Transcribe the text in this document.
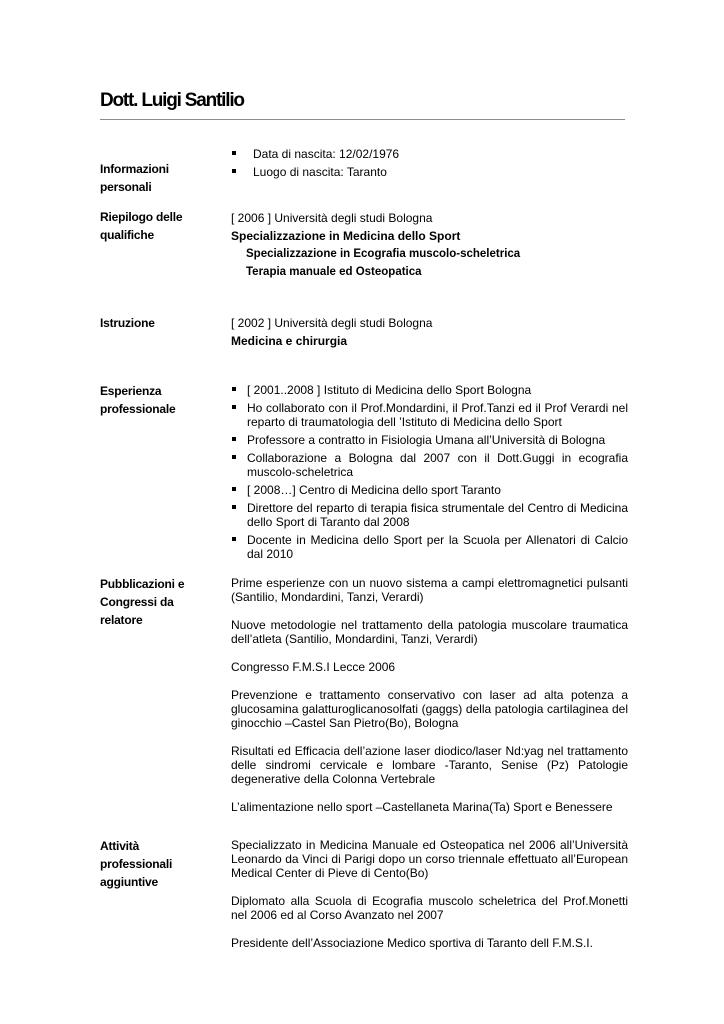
Dott. Luigi Santilio
Informazioni personali
Data di nascita: 12/02/1976
Luogo di nascita: Taranto
Riepilogo delle qualifiche

[ 2006 ] Università degli studi Bologna

Specializzazione in Medicina dello Sport

Specializzazione in Ecografia muscolo-scheletrica

Terapia manuale ed Osteopatica

Istruzione	[ 2002 ] Università degli studi Bologna

Medicina e chirurgia

Esperienza professionale
[ 2001..2008 ] Istituto di Medicina dello Sport Bologna
Ho collaborato con il Prof.Mondardini, il Prof.Tanzi ed il Prof Verardi nel reparto di traumatologia dell ’Istituto di Medicina dello Sport
Professore a contratto in Fisiologia Umana all’Università di Bologna
Collaborazione a Bologna dal 2007 con il Dott.Guggi in ecografia muscolo-scheletrica
[ 2008…] Centro di Medicina dello sport Taranto
Direttore del reparto di terapia fisica strumentale del Centro di Medicina dello Sport di Taranto dal 2008
Docente in Medicina dello Sport per la Scuola per Allenatori di Calcio dal 2010
Pubblicazioni e Congressi da relatore

Prime esperienze con un nuovo sistema a campi elettromagnetici pulsanti (Santilio, Mondardini, Tanzi, Verardi)

Nuove metodologie nel trattamento della patologia muscolare traumatica dell’atleta (Santilio, Mondardini, Tanzi, Verardi)

Congresso F.M.S.I Lecce 2006

Prevenzione e trattamento conservativo con laser ad alta potenza a glucosamina galatturoglicanosolfati (gaggs) della patologia cartilaginea del ginocchio –Castel San Pietro(Bo), Bologna

Risultati ed Efficacia dell’azione laser diodico/laser Nd:yag nel trattamento delle sindromi cervicale e lombare -Taranto, Senise (Pz) Patologie degenerative della Colonna Vertebrale

L’alimentazione nello sport –Castellaneta Marina(Ta) Sport e Benessere

Attività professionali aggiuntive

Specializzato in Medicina Manuale ed Osteopatica nel 2006 all’Università Leonardo da Vinci di Parigi dopo un corso triennale effettuato all’European Medical Center di Pieve di Cento(Bo)

Diplomato alla Scuola di Ecografia muscolo scheletrica del Prof.Monetti nel 2006 ed al Corso Avanzato nel 2007

Presidente dell’Associazione Medico sportiva di Taranto dell F.M.S.I.
